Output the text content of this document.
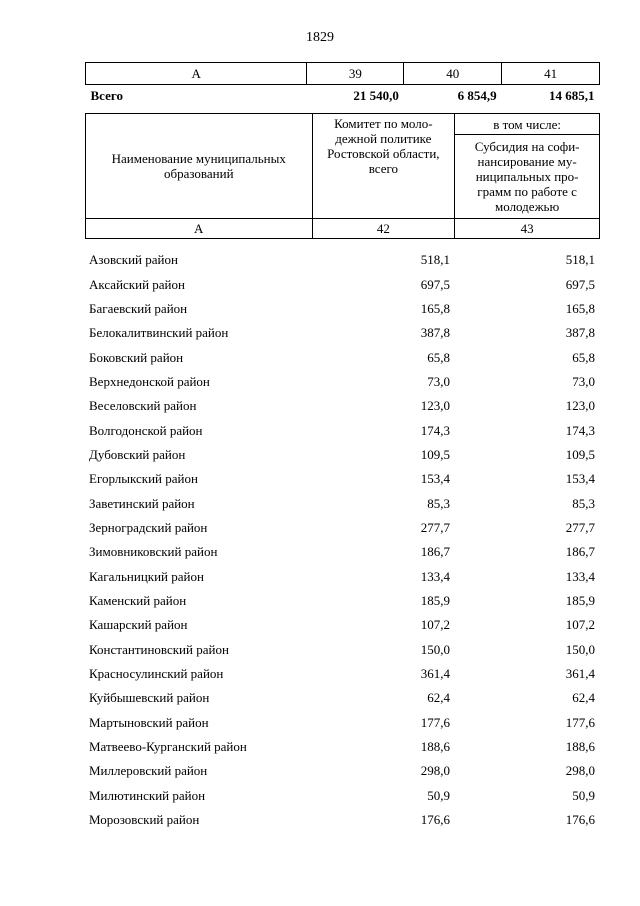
1829
А	39	40	41
Всего	21 540,0	6 854,9	14 685,1
Наименование муниципальных образований	Комитет по моло-дежной политике Ростовской области, всего	в том числе:
		Субсидия на софи-нансирование му-ниципальных про-грамм по работе с молодежью
А	42	43
Азовский район	518,1	518,1
Аксайский район	697,5	697,5
Багаевский район	165,8	165,8
Белокалитвинский район	387,8	387,8
Боковский район	65,8	65,8
Верхнедонской район	73,0	73,0
Веселовский район	123,0	123,0
Волгодонской район	174,3	174,3
Дубовский район	109,5	109,5
Егорлыкский район	153,4	153,4
Заветинский район	85,3	85,3
Зерноградский район	277,7	277,7
Зимовниковский район	186,7	186,7
Кагальницкий район	133,4	133,4
Каменский район	185,9	185,9
Кашарский район	107,2	107,2
Константиновский район	150,0	150,0
Красносулинский район	361,4	361,4
Куйбышевский район	62,4	62,4
Мартыновский район	177,6	177,6
Матвеево-Курганский район	188,6	188,6
Миллеровский район	298,0	298,0
Милютинский район	50,9	50,9
Морозовский район	176,6	176,6
